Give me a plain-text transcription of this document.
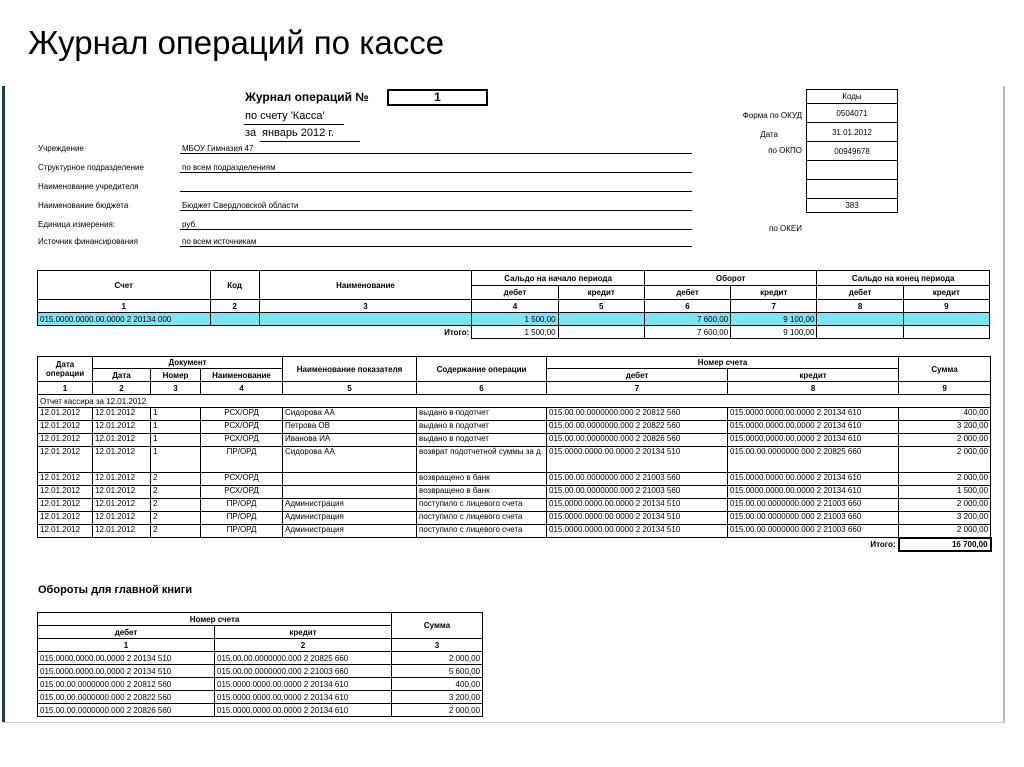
Журнал операций по кассе
Журнал операций №	1
по счету 'Касса'
за январь 2012 г.
Учреждение	МБОУ Гимназия 47
Структурное подразделение	по всем подразделениям
Наименование учредителя
Наименование бюджета	Бюджет Свердловской области
Единица измерения:	руб.
Источник финансирования	по всем источникам
Форма по ОКУД
Дата
по ОКПО
по ОКЕИ
Коды
0504071
31.01.2012
00949678

383
Счет	Код	Наименование	Сальдо на начало периода		Оборот		Сальдо на конец периода	
			дебет	кредит	дебет	кредит	дебет	кредит
1	2	3	4	5	6	7	8	9
015.0000.0000.00.0000 2 20134 000			1 500,00		7 600,00	9 100,00		
		Итого:	1 500,00		7 600,00	9 100,00		
Дата операции	Документ			Наименование показателя	Содержание операции	Номер счета		Сумма
	Дата	Номер	Наименование			дебет	кредит	
1	2	3	4	5	6	7	8	9
Отчет кассира за 12.01.2012								
12.01.2012	12.01.2012	1	РСХ/ОРД	Сидорова АА	выдано в подотчет	015.00.00.0000000.000 2 20812 560	015.0000.0000.00.0000 2 20134 610	400,00
12.01.2012	12.01.2012	1	РСХ/ОРД	Петрова ОВ	выдано в подотчет	015.00.00.0000000.000 2 20822 560	015.0000.0000.00.0000 2 20134 610	3 200,00
12.01.2012	12.01.2012	1	РСХ/ОРД	Иванова ИА	выдано в подотчет	015.00.00.0000000.000 2 20826 560	015.0000.0000.00.0000 2 20134 610	2 000,00
12.01.2012	12.01.2012	1	ПР/ОРД	Сидорова АА	возврат подотчетной суммы за д	015.0000.0000.00.0000 2 20134 510	015.00.00.0000000.000 2 20825 660	2 000,00
12.01.2012	12.01.2012	2	РСХ/ОРД		возвращено в банк	015.00.00.0000000.000 2 21003 560	015.0000.0000.00.0000 2 20134 610	2 000,00
12.01.2012	12.01.2012	2	РСХ/ОРД		возвращено в банк	015.00.00.0000000.000 2 21003 560	015.0000.0000.00.0000 2 20134 610	1 500,00
12.01.2012	12.01.2012	2	ПР/ОРД	Администрация	поступило с лицевого счета	015.0000.0000.00.0000 2 20134 510	015.00.00.0000000.000 2 21003 660	2 000,00
12.01.2012	12.01.2012	2	ПР/ОРД	Администрация	поступило с лицевого счета	015.0000.0000.00.0000 2 20134 510	015.00.00.0000000.000 2 21003 660	3 200,00
12.01.2012	12.01.2012	2	ПР/ОРД	Администрация	поступило с лицевого счета	015.0000.0000.00.0000 2 20134 510	015.00.00.0000000.000 2 21003 660	2 000,00
Итого:								16 700,00
Обороты для главной книги
Номер счета		Сумма
дебет	кредит	
1	2	3
015.0000.0000.00.0000 2 20134 510	015.00.00.0000000.000 2 20825 660	2 000,00
015.0000.0000.00.0000 2 20134 510	015.00.00.0000000.000 2 21003 660	5 600,00
015.00.00.0000000.000 2 20812 560	015.0000.0000.00.0000 2 20134 610	400,00
015.00.00.0000000.000 2 20822 560	015.0000.0000.00.0000 2 20134 610	3 200,00
015.00.00.0000000.000 2 20826 560	015.0000.0000.00.0000 2 20134 610	2 000,00
